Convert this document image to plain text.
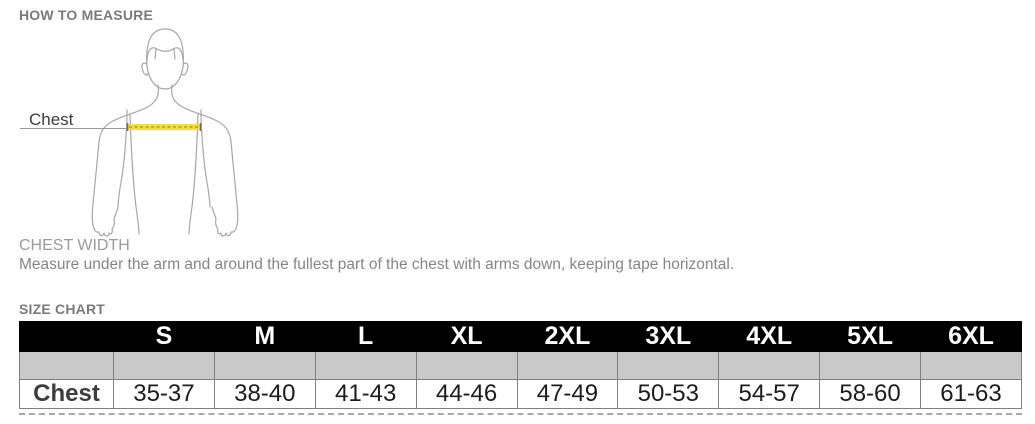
HOW TO MEASURE
Chest
CHEST WIDTH
Measure under the arm and around the fullest part of the chest with arms down, keeping tape horizontal.
SIZE CHART
	S	M	L	XL	2XL	3XL	4XL	5XL	6XL

Chest	35-37	38-40	41-43	44-46	47-49	50-53	54-57	58-60	61-63
